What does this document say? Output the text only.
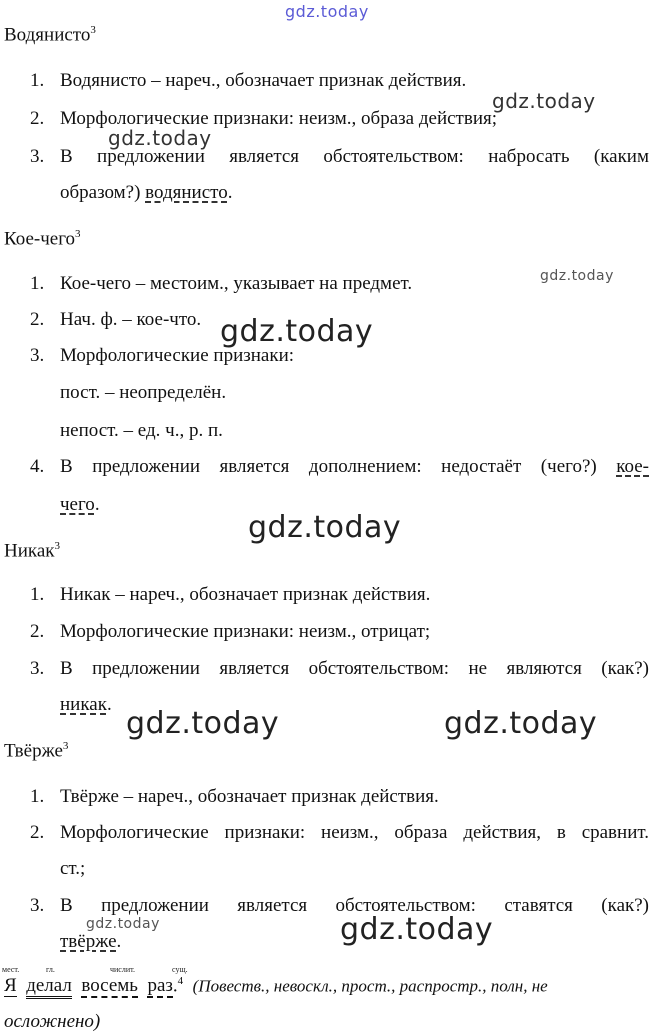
gdz.today
Водянисто$^3$
1. Водянисто – нареч., обозначает признак действия.
2. Морфологические признаки: неизм., образа действия;
gdz.today
gdz.today
3. В предложении является обстоятельством: набросать (каким
образом?) водянисто.
Кое-чего$^3$
gdz.today
1. Кое-чего – местоим., указывает на предмет.
2. Нач. ф. – кое-что. gdz.today
3. Морфологические признаки:
пост. – неопределён.
непост. – ед. ч., р. п.
4. В предложении является дополнением: недостаёт (чего?) кое-
чего.
gdz.today
Никак$^3$
1. Никак – нареч., обозначает признак действия.
2. Морфологические признаки: неизм., отрицат;
3. В предложении является обстоятельством: не являются (как?)
никак.
gdz.today	gdz.today
Твёрже$^3$
1. Твёрже – нареч., обозначает признак действия.
2. Морфологические признаки: неизм., образа действия, в сравнит.
ст.;
3. В предложении является обстоятельством: ставятся (как?)
gdz.today
твёрже.	gdz.today
мест.	гл.	числит.	сущ.
Я делал восемь раз.$^4$ (Повеств., невоскл., прост., распростр., полн, не
осложнено)
